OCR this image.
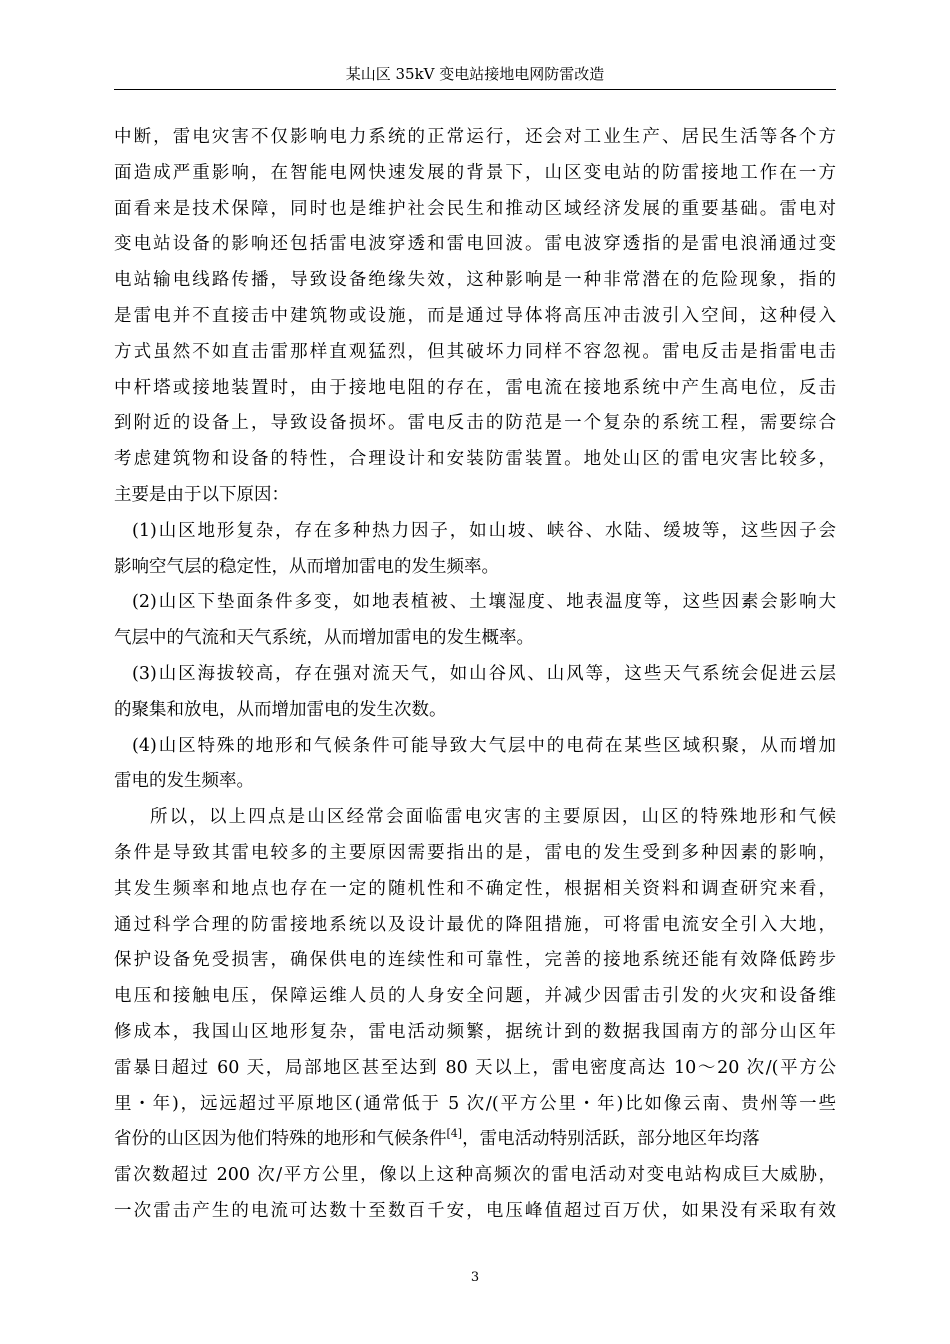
某山区 35kV 变电站接地电网防雷改造
中断，雷电灾害不仅影响电力系统的正常运行，还会对工业生产、居民生活等各个方
面造成严重影响，在智能电网快速发展的背景下，山区变电站的防雷接地工作在一方
面看来是技术保障，同时也是维护社会民生和推动区域经济发展的重要基础。雷电对
变电站设备的影响还包括雷电波穿透和雷电回波。雷电波穿透指的是雷电浪涌通过变
电站输电线路传播，导致设备绝缘失效，这种影响是一种非常潜在的危险现象，指的
是雷电并不直接击中建筑物或设施，而是通过导体将高压冲击波引入空间，这种侵入
方式虽然不如直击雷那样直观猛烈，但其破坏力同样不容忽视。雷电反击是指雷电击
中杆塔或接地装置时，由于接地电阻的存在，雷电流在接地系统中产生高电位，反击
到附近的设备上，导致设备损坏。雷电反击的防范是一个复杂的系统工程，需要综合
考虑建筑物和设备的特性，合理设计和安装防雷装置。地处山区的雷电灾害比较多，
主要是由于以下原因：
(1)山区地形复杂，存在多种热力因子，如山坡、峡谷、水陆、缓坡等，这些因子会
影响空气层的稳定性，从而增加雷电的发生频率。
(2)山区下垫面条件多变，如地表植被、土壤湿度、地表温度等，这些因素会影响大
气层中的气流和天气系统，从而增加雷电的发生概率。
(3)山区海拔较高，存在强对流天气，如山谷风、山风等，这些天气系统会促进云层
的聚集和放电，从而增加雷电的发生次数。
(4)山区特殊的地形和气候条件可能导致大气层中的电荷在某些区域积聚，从而增加
雷电的发生频率。
所以，以上四点是山区经常会面临雷电灾害的主要原因，山区的特殊地形和气候
条件是导致其雷电较多的主要原因需要指出的是，雷电的发生受到多种因素的影响，
其发生频率和地点也存在一定的随机性和不确定性，根据相关资料和调查研究来看，
通过科学合理的防雷接地系统以及设计最优的降阻措施，可将雷电流安全引入大地，
保护设备免受损害，确保供电的连续性和可靠性，完善的接地系统还能有效降低跨步
电压和接触电压，保障运维人员的人身安全问题，并减少因雷击引发的火灾和设备维
修成本，我国山区地形复杂，雷电活动频繁，据统计到的数据我国南方的部分山区年
雷暴日超过 60 天，局部地区甚至达到 80 天以上，雷电密度高达 10～20 次/(平方公
里・年)，远远超过平原地区(通常低于 5 次/(平方公里・年)比如像云南、贵州等一些
省份的山区因为他们特殊的地形和气候条件[4]，雷电活动特别活跃，部分地区年均落
雷次数超过 200 次/平方公里，像以上这种高频次的雷电活动对变电站构成巨大威胁，
一次雷击产生的电流可达数十至数百千安，电压峰值超过百万伏，如果没有采取有效
3
